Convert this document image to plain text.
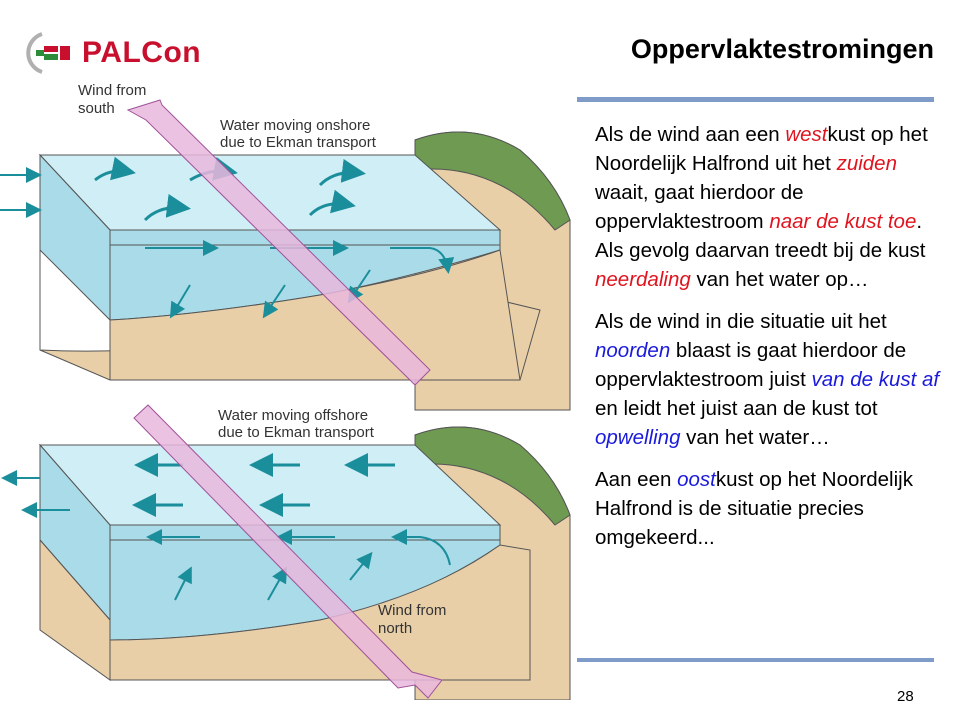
PALCon	Oppervlaktestromingen
Wind from
south
Water moving onshore
due to Ekman transport
Water moving offshore
due to Ekman transport
Wind from
north

Als de wind aan een westkust op het Noordelijk Halfrond uit het zuiden waait, gaat hierdoor de oppervlaktestroom naar de kust toe. Als gevolg daarvan treedt bij de kust neerdaling van het water op…

Als de wind in die situatie uit het noorden blaast is gaat hierdoor de oppervlaktestroom juist van de kust af en leidt het juist aan de kust tot opwelling van het water…

Aan een oostkust op het Noordelijk Halfrond is de situatie precies omgekeerd...

28
